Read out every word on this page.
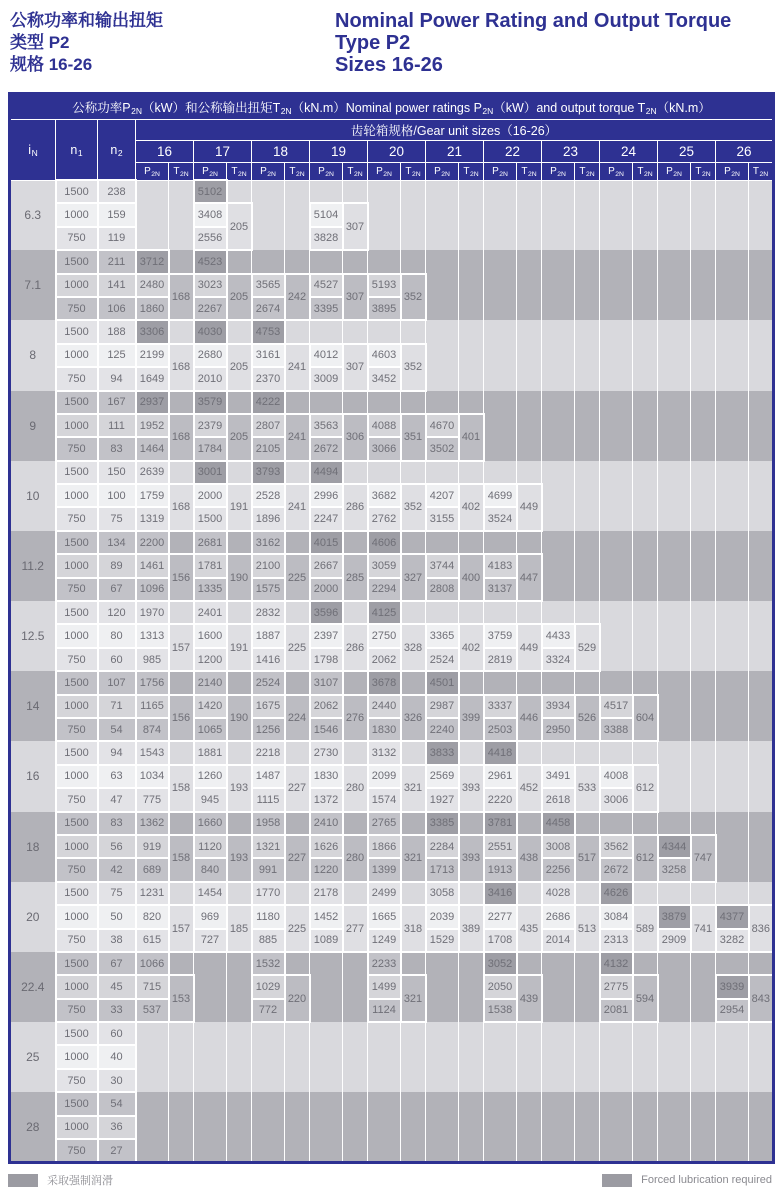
公称功率和输出扭矩
类型 P2
规格 16-26
Nominal Power Rating and Output Torque
Type P2
Sizes 16-26
公称功率P2N（kW）和公称输出扭矩T2N（kN.m）Nominal power ratings P2N（kW）and output torque T2N（kN.m）																								
iN	n1	n2	齿轮箱规格/Gear unit sizes（16-26）																					
			16		17		18		19		20		21		22		23		24		25		26	
			$P_{2N}$	$T_{2N}$	$P_{2N}$	$T_{2N}$	$P_{2N}$	$T_{2N}$	$P_{2N}$	$T_{2N}$	$P_{2N}$	$T_{2N}$	$P_{2N}$	$T_{2N}$	$P_{2N}$	$T_{2N}$	$P_{2N}$	$T_{2N}$	$P_{2N}$	$T_{2N}$	$P_{2N}$	$T_{2N}$	$P_{2N}$	$T_{2N}$
6.3	1500	238			5102																			
	1000	159			3408	205			5104	307														
	750	119			2556				3828															
7.1	1500	211	3712		4523																			
	1000	141	2480	168	3023	205	3565	242	4527	307	5193	352												
	750	106	1860		2267		2674		3395		3895													
8	1500	188	3306		4030		4753																	
	1000	125	2199	168	2680	205	3161	241	4012	307	4603	352												
	750	94	1649		2010		2370		3009		3452													
9	1500	167	2937		3579		4222																	
	1000	111	1952	168	2379	205	2807	241	3563	306	4088	351	4670	401										
	750	83	1464		1784		2105		2672		3066		3502											
10	1500	150	2639		3001		3793		4494															
	1000	100	1759	168	2000	191	2528	241	2996	286	3682	352	4207	402	4699	449								
	750	75	1319		1500		1896		2247		2762		3155		3524									
11.2	1500	134	2200		2681		3162		4015		4606													
	1000	89	1461	156	1781	190	2100	225	2667	285	3059	327	3744	400	4183	447								
	750	67	1096		1335		1575		2000		2294		2808		3137									
12.5	1500	120	1970		2401		2832		3596		4125													
	1000	80	1313	157	1600	191	1887	225	2397	286	2750	328	3365	402	3759	449	4433	529						
	750	60	985		1200		1416		1798		2062		2524		2819		3324							
14	1500	107	1756		2140		2524		3107		3678		4501											
	1000	71	1165	156	1420	190	1675	224	2062	276	2440	326	2987	399	3337	446	3934	526	4517	604				
	750	54	874		1065		1256		1546		1830		2240		2503		2950		3388					
16	1500	94	1543		1881		2218		2730		3132		3833		4418									
	1000	63	1034	158	1260	193	1487	227	1830	280	2099	321	2569	393	2961	452	3491	533	4008	612				
	750	47	775		945		1115		1372		1574		1927		2220		2618		3006					
18	1500	83	1362		1660		1958		2410		2765		3385		3781		4458							
	1000	56	919	158	1120	193	1321	227	1626	280	1866	321	2284	393	2551	438	3008	517	3562	612	4344	747		
	750	42	689		840		991		1220		1399		1713		1913		2256		2672		3258			
20	1500	75	1231		1454		1770		2178		2499		3058		3416		4028		4626					
	1000	50	820	157	969	185	1180	225	1452	277	1665	318	2039	389	2277	435	2686	513	3084	589	3879	741	4377	836
	750	38	615		727		885		1089		1249		1529		1708		2014		2313		2909		3282	
22.4	1500	67	1066				1532				2233				3052				4132					
	1000	45	715	153			1029	220			1499	321			2050	439			2775	594			3939	843
	750	33	537				772				1124				1538				2081				2954	
25	1500	60																						
	1000	40																						
	750	30																						
28	1500	54																						
	1000	36																						
	750	27																						
采取强制润滑	Forced lubrication required
